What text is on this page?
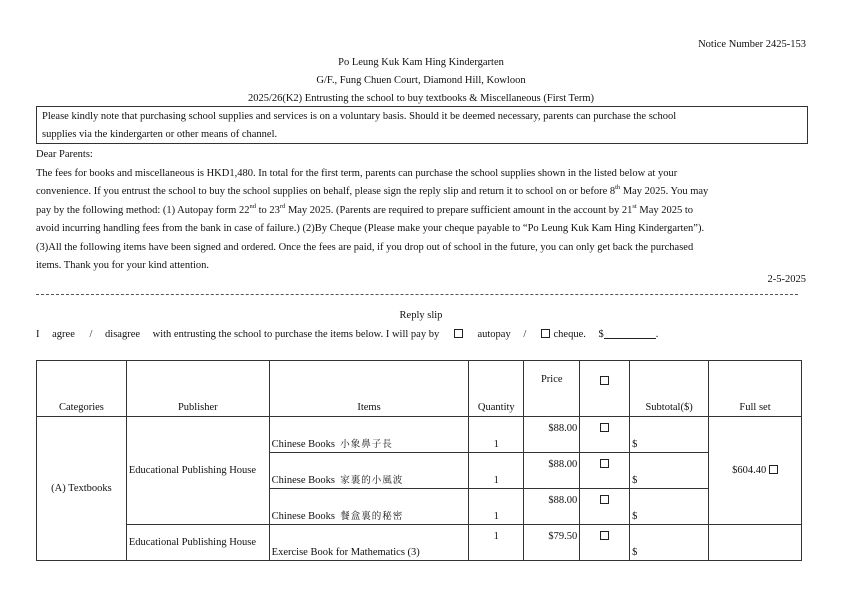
Notice Number 2425-153
Po Leung Kuk Kam Hing Kindergarten
G/F., Fung Chuen Court, Diamond Hill, Kowloon
2025/26(K2) Entrusting the school to buy textbooks & Miscellaneous (First Term)
Please kindly note that purchasing school supplies and services is on a voluntary basis. Should it be deemed necessary, parents can purchase the school
supplies via the kindergarten or other means of channel.
Dear Parents:
The fees for books and miscellaneous is HKD1,480. In total for the first term, parents can purchase the school supplies shown in the listed below at your
convenience. If you entrust the school to buy the school supplies on behalf, please sign the reply slip and return it to school on or before 8th May 2025. You may
pay by the following method: (1) Autopay form 22nd to 23rd May 2025. (Parents are required to prepare sufficient amount in the account by 21st May 2025 to
avoid incurring handling fees from the bank in case of failure.) (2)By Cheque (Please make your cheque payable to “Po Leung Kuk Kam Hing Kindergarten”).
(3)All the following items have been signed and ordered. Once the fees are paid, if you drop out of school in the future, you can only get back the purchased
items. Thank you for your kind attention.
2-5-2025
Reply slip
I agree / disagree with entrusting the school to purchase the items below. I will pay by	autopay /	cheque. $	.
Categories	Publisher	Items	Quantity	Price		Subtotal($)	Full set
(A) Textbooks	Educational Publishing House	Chinese Books 小象鼻子長	1	$88.00		$	$604.40
		Chinese Books 家裏的小風波	1	$88.00		$	
		Chinese Books 餐盒裏的秘密	1	$88.00		$	
	Educational Publishing House	Exercise Book for Mathematics (3)	1	$79.50		$	
